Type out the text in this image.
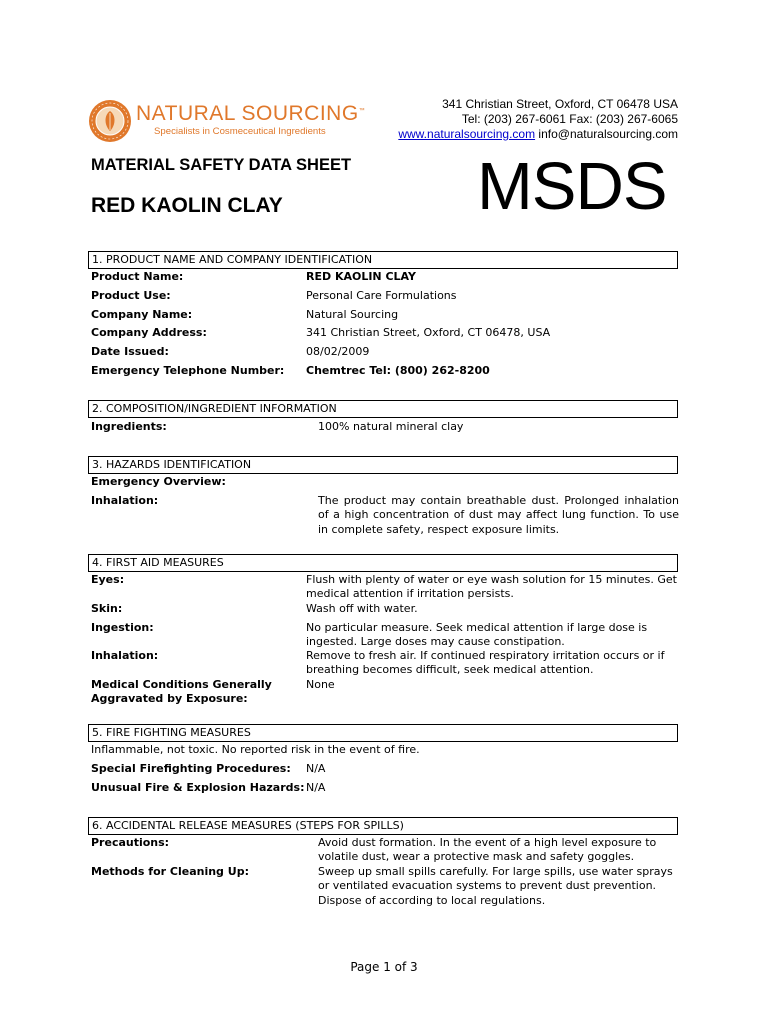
NATURAL SOURCING™
Specialists in Cosmeceutical Ingredients
341 Christian Street, Oxford, CT 06478 USA
Tel: (203) 267-6061 Fax: (203) 267-6065
www.naturalsourcing.com info@naturalsourcing.com
MATERIAL SAFETY DATA SHEET
RED KAOLIN CLAY	MSDS
1. PRODUCT NAME AND COMPANY IDENTIFICATION
Product Name:	RED KAOLIN CLAY
Product Use:	Personal Care Formulations
Company Name:	Natural Sourcing
Company Address:	341 Christian Street, Oxford, CT 06478, USA
Date Issued:	08/02/2009
Emergency Telephone Number: Chemtrec Tel: (800) 262-8200
2. COMPOSITION/INGREDIENT INFORMATION
Ingredients:	100% natural mineral clay
3. HAZARDS IDENTIFICATION
Emergency Overview:
Inhalation:	The product may contain breathable dust. Prolonged inhalation of a high concentration of dust may affect lung function. To use in complete safety, respect exposure limits.
4. FIRST AID MEASURES
Eyes:	Flush with plenty of water or eye wash solution for 15 minutes. Get medical attention if irritation persists.
Skin:	Wash off with water.
Ingestion:	No particular measure. Seek medical attention if large dose is ingested. Large doses may cause constipation.
Inhalation:	Remove to fresh air. If continued respiratory irritation occurs or if breathing becomes difficult, seek medical attention.
Medical Conditions Generally Aggravated by Exposure:
None
5. FIRE FIGHTING MEASURES
Inflammable, not toxic. No reported risk in the event of fire.
Special Firefighting Procedures: N/A
Unusual Fire & Explosion Hazards: N/A
6. ACCIDENTAL RELEASE MEASURES (STEPS FOR SPILLS)
Precautions:	Avoid dust formation. In the event of a high level exposure to volatile dust, wear a protective mask and safety goggles.
Methods for Cleaning Up:	Sweep up small spills carefully. For large spills, use water sprays or ventilated evacuation systems to prevent dust prevention. Dispose of according to local regulations.
Page 1 of 3
